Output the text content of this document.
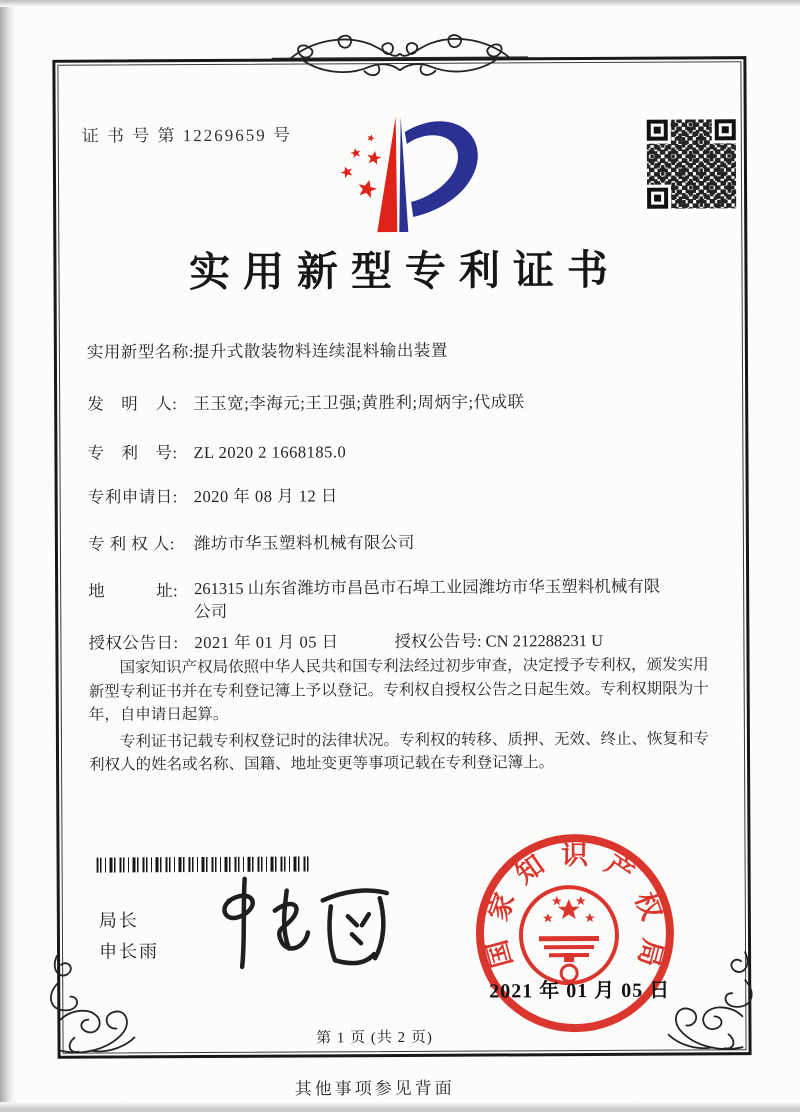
证 书 号 第 12269659 号
实用新型专利证书
实用新型名称:提升式散装物料连续混料输出装置
发　明　人: 王玉宽;李海元;王卫强;黄胜利;周炳宇;代成联
专　利　号: ZL 2020 2 1668185.0
专利申请日: 2020 年 08 月 12 日
专 利 权 人: 潍坊市华玉塑料机械有限公司
地　　　址: 261315 山东省潍坊市昌邑市石埠工业园潍坊市华玉塑料机械有限公司
授权公告日: 2021 年 01 月 05 日	授权公告号: CN 212288231 U

国家知识产权局依照中华人民共和国专利法经过初步审查，决定授予专利权，颁发实用新型专利证书并在专利登记簿上予以登记。专利权自授权公告之日起生效。专利权期限为十年，自申请日起算。

专利证书记载专利权登记时的法律状况。专利权的转移、质押、无效、终止、恢复和专利权人的姓名或名称、国籍、地址变更等事项记载在专利登记簿上。

局长
申长雨	国
家
知 识 产
权
局
2021 年 01 月 05 日
第 1 页 (共 2 页)
其他事项参见背面
